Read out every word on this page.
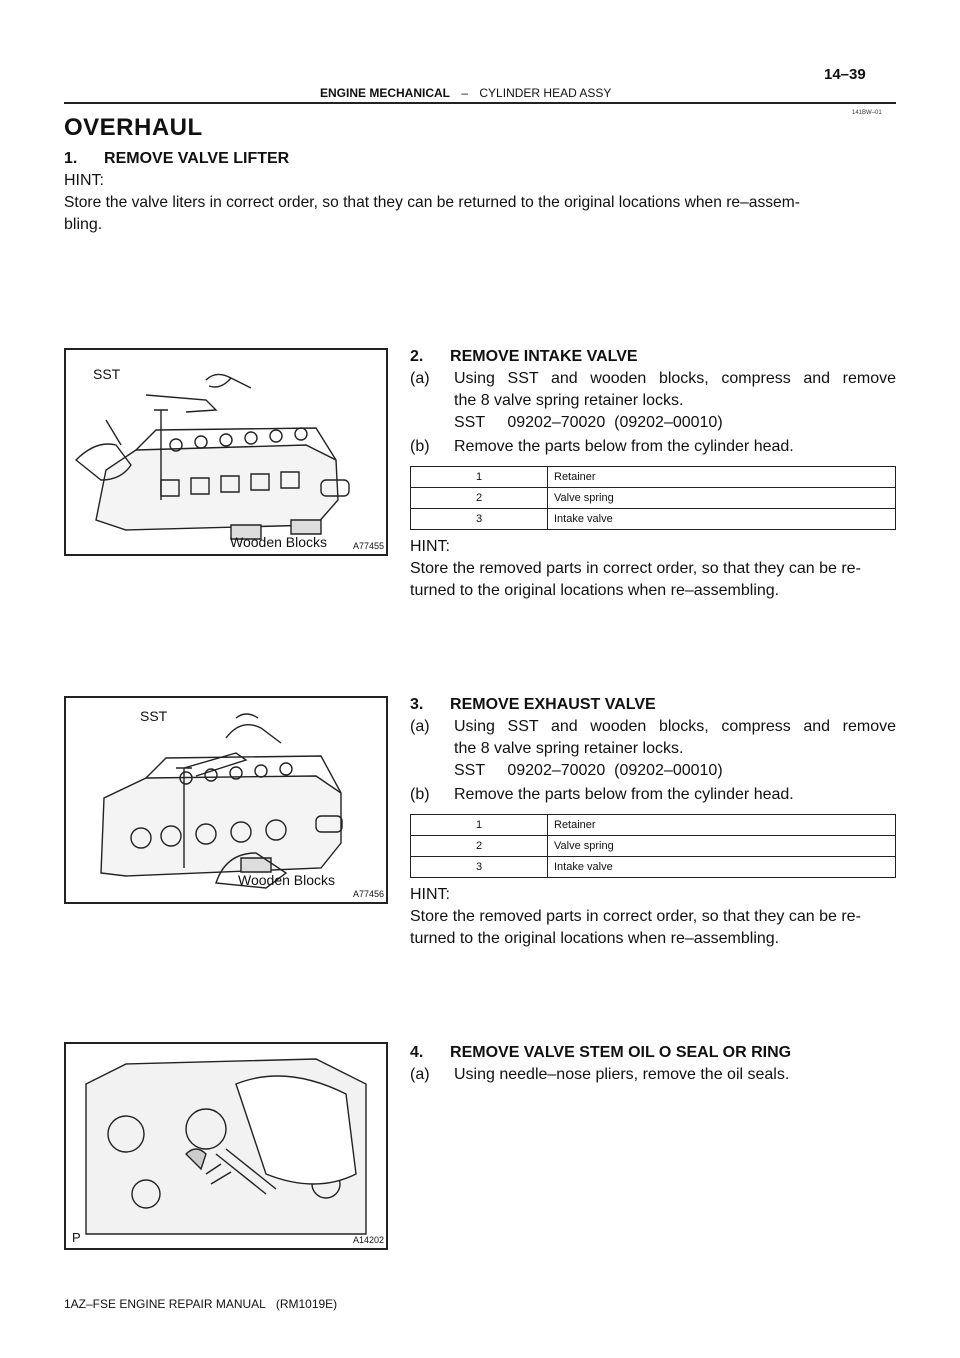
14–39
ENGINE MECHANICAL – CYLINDER HEAD ASSY
141BW–01
OVERHAUL
1.      REMOVE VALVE LIFTER
HINT:
Store the valve liters in correct order, so that they can be returned to the original locations when re–assem-
bling.
SST
Wooden Blocks	A77455
2.      REMOVE INTAKE VALVE
(a) Using SST and wooden blocks, compress and remove
the 8 valve spring retainer locks.
SST     09202–70020  (09202–00010)
(b) Remove the parts below from the cylinder head.
1	Retainer
2	Valve spring
3	Intake valve
HINT:
Store the removed parts in correct order, so that they can be re-
turned to the original locations when re–assembling.
SST
Wooden Blocks
A77456
3.      REMOVE EXHAUST VALVE
(a) Using SST and wooden blocks, compress and remove
the 8 valve spring retainer locks.
SST     09202–70020  (09202–00010)
(b) Remove the parts below from the cylinder head.
1	Retainer
2	Valve spring
3	Intake valve
HINT:
Store the removed parts in correct order, so that they can be re-
turned to the original locations when re–assembling.
P	A14202
4.      REMOVE VALVE STEM OIL O SEAL OR RING
(a) Using needle–nose pliers, remove the oil seals.
1AZ–FSE ENGINE REPAIR MANUAL   (RM1019E)
